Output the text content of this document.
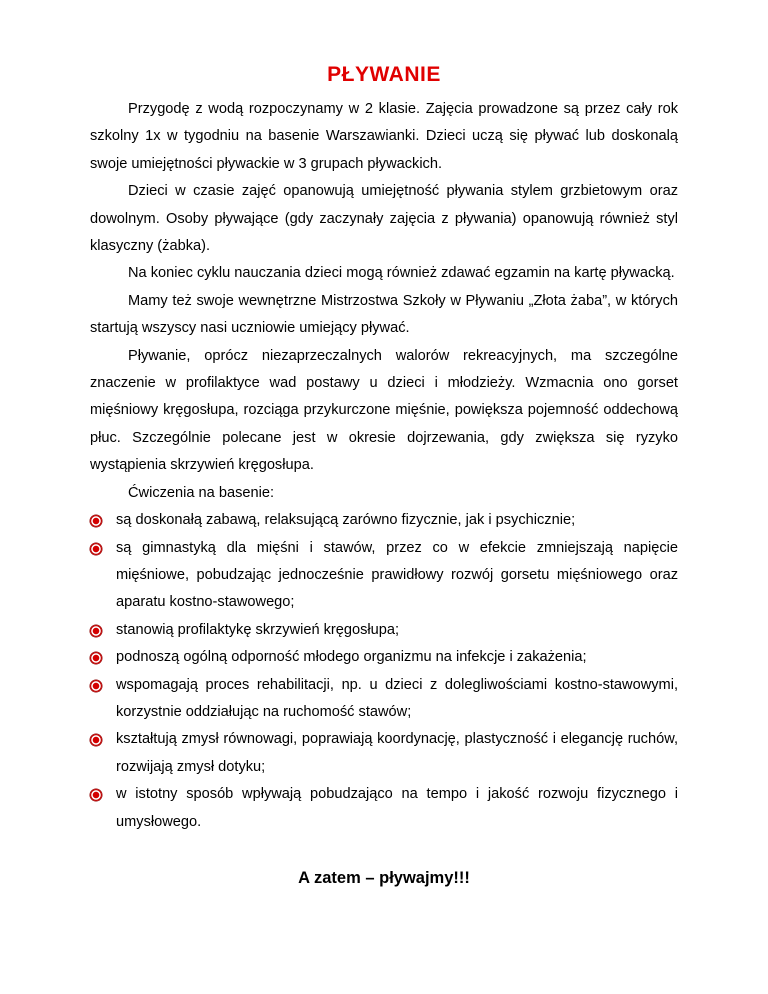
PŁYWANIE

Przygodę z wodą rozpoczynamy w 2 klasie. Zajęcia prowadzone są przez cały rok szkolny 1x w tygodniu na basenie Warszawianki. Dzieci uczą się pływać lub doskonalą swoje umiejętności pływackie w 3 grupach pływackich.

Dzieci w czasie zajęć opanowują umiejętność pływania stylem grzbietowym oraz dowolnym. Osoby pływające (gdy zaczynały zajęcia z pływania) opanowują również styl klasyczny (żabka).

Na koniec cyklu nauczania dzieci mogą również zdawać egzamin na kartę pływacką.

Mamy też swoje wewnętrzne Mistrzostwa Szkoły w Pływaniu „Złota żaba”, w których startują wszyscy nasi uczniowie umiejący pływać.

Pływanie, oprócz niezaprzeczalnych walorów rekreacyjnych, ma szczególne znaczenie w profilaktyce wad postawy u dzieci i młodzieży. Wzmacnia ono gorset mięśniowy kręgosłupa, rozciąga przykurczone mięśnie, powiększa pojemność oddechową płuc. Szczególnie polecane jest w okresie dojrzewania, gdy zwiększa się ryzyko wystąpienia skrzywień kręgosłupa.

Ćwiczenia na basenie:

są doskonałą zabawą, relaksującą zarówno fizycznie, jak i psychicznie;
są gimnastyką dla mięśni i stawów, przez co w efekcie zmniejszają napięcie mięśniowe, pobudzając jednocześnie prawidłowy rozwój gorsetu mięśniowego oraz aparatu kostno-stawowego;
stanowią profilaktykę skrzywień kręgosłupa;
podnoszą ogólną odporność młodego organizmu na infekcje i zakażenia;
wspomagają proces rehabilitacji, np. u dzieci z dolegliwościami kostno-stawowymi, korzystnie oddziałując na ruchomość stawów;
kształtują zmysł równowagi, poprawiają koordynację, plastyczność i elegancję ruchów, rozwijają zmysł dotyku;
w istotny sposób wpływają pobudzająco na tempo i jakość rozwoju fizycznego i umysłowego.
A zatem – pływajmy!!!
